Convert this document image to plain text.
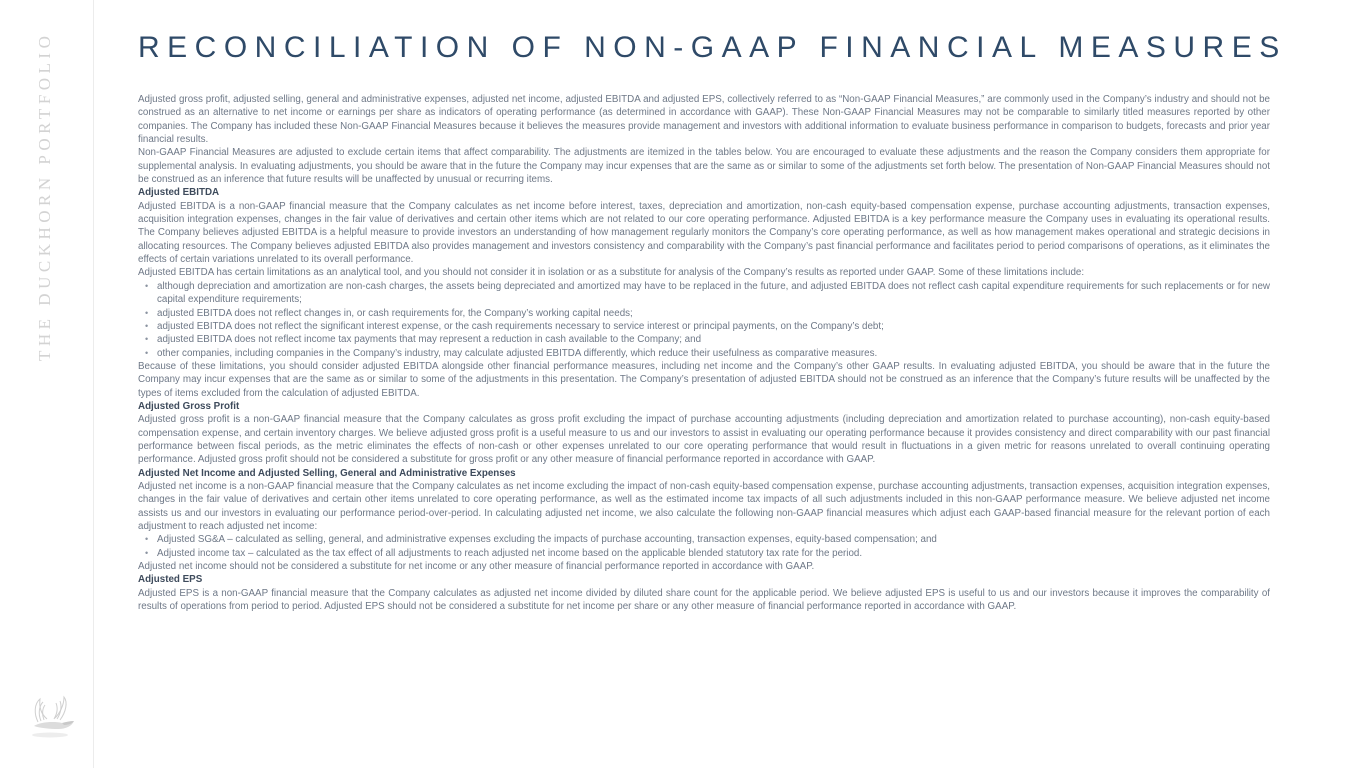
THE DUCKHORN PORTFOLIO	RECONCILIATION OF NON-GAAP FINANCIAL MEASURES

Adjusted gross profit, adjusted selling, general and administrative expenses, adjusted net income, adjusted EBITDA and adjusted EPS, collectively referred to as “Non-GAAP Financial Measures,” are commonly used in the Company’s industry and should not be construed as an alternative to net income or earnings per share as indicators of operating performance (as determined in accordance with GAAP). These Non-GAAP Financial Measures may not be comparable to similarly titled measures reported by other companies. The Company has included these Non-GAAP Financial Measures because it believes the measures provide management and investors with additional information to evaluate business performance in comparison to budgets, forecasts and prior year financial results.

Non-GAAP Financial Measures are adjusted to exclude certain items that affect comparability. The adjustments are itemized in the tables below. You are encouraged to evaluate these adjustments and the reason the Company considers them appropriate for supplemental analysis. In evaluating adjustments, you should be aware that in the future the Company may incur expenses that are the same as or similar to some of the adjustments set forth below. The presentation of Non-GAAP Financial Measures should not be construed as an inference that future results will be unaffected by unusual or recurring items.

Adjusted EBITDA

Adjusted EBITDA is a non-GAAP financial measure that the Company calculates as net income before interest, taxes, depreciation and amortization, non-cash equity-based compensation expense, purchase accounting adjustments, transaction expenses, acquisition integration expenses, changes in the fair value of derivatives and certain other items which are not related to our core operating performance. Adjusted EBITDA is a key performance measure the Company uses in evaluating its operational results. The Company believes adjusted EBITDA is a helpful measure to provide investors an understanding of how management regularly monitors the Company’s core operating performance, as well as how management makes operational and strategic decisions in allocating resources. The Company believes adjusted EBITDA also provides management and investors consistency and comparability with the Company’s past financial performance and facilitates period to period comparisons of operations, as it eliminates the effects of certain variations unrelated to its overall performance.

Adjusted EBITDA has certain limitations as an analytical tool, and you should not consider it in isolation or as a substitute for analysis of the Company’s results as reported under GAAP. Some of these limitations include:

• although depreciation and amortization are non-cash charges, the assets being depreciated and amortized may have to be replaced in the future, and adjusted EBITDA does not reflect cash capital expenditure requirements for such replacements or for new capital expenditure requirements;
• adjusted EBITDA does not reflect changes in, or cash requirements for, the Company’s working capital needs;
• adjusted EBITDA does not reflect the significant interest expense, or the cash requirements necessary to service interest or principal payments, on the Company’s debt;
• adjusted EBITDA does not reflect income tax payments that may represent a reduction in cash available to the Company; and
• other companies, including companies in the Company’s industry, may calculate adjusted EBITDA differently, which reduce their usefulness as comparative measures.

Because of these limitations, you should consider adjusted EBITDA alongside other financial performance measures, including net income and the Company’s other GAAP results. In evaluating adjusted EBITDA, you should be aware that in the future the Company may incur expenses that are the same as or similar to some of the adjustments in this presentation. The Company’s presentation of adjusted EBITDA should not be construed as an inference that the Company’s future results will be unaffected by the types of items excluded from the calculation of adjusted EBITDA.

Adjusted Gross Profit

Adjusted gross profit is a non-GAAP financial measure that the Company calculates as gross profit excluding the impact of purchase accounting adjustments (including depreciation and amortization related to purchase accounting), non-cash equity-based compensation expense, and certain inventory charges. We believe adjusted gross profit is a useful measure to us and our investors to assist in evaluating our operating performance because it provides consistency and direct comparability with our past financial performance between fiscal periods, as the metric eliminates the effects of non-cash or other expenses unrelated to our core operating performance that would result in fluctuations in a given metric for reasons unrelated to overall continuing operating performance. Adjusted gross profit should not be considered a substitute for gross profit or any other measure of financial performance reported in accordance with GAAP.

Adjusted Net Income and Adjusted Selling, General and Administrative Expenses

Adjusted net income is a non-GAAP financial measure that the Company calculates as net income excluding the impact of non-cash equity-based compensation expense, purchase accounting adjustments, transaction expenses, acquisition integration expenses, changes in the fair value of derivatives and certain other items unrelated to core operating performance, as well as the estimated income tax impacts of all such adjustments included in this non-GAAP performance measure. We believe adjusted net income assists us and our investors in evaluating our performance period-over-period. In calculating adjusted net income, we also calculate the following non-GAAP financial measures which adjust each GAAP-based financial measure for the relevant portion of each adjustment to reach adjusted net income:

• Adjusted SG&A – calculated as selling, general, and administrative expenses excluding the impacts of purchase accounting, transaction expenses, equity-based compensation; and
• Adjusted income tax – calculated as the tax effect of all adjustments to reach adjusted net income based on the applicable blended statutory tax rate for the period.

Adjusted net income should not be considered a substitute for net income or any other measure of financial performance reported in accordance with GAAP.

Adjusted EPS

Adjusted EPS is a non-GAAP financial measure that the Company calculates as adjusted net income divided by diluted share count for the applicable period. We believe adjusted EPS is useful to us and our investors because it improves the comparability of results of operations from period to period. Adjusted EPS should not be considered a substitute for net income per share or any other measure of financial performance reported in accordance with GAAP.
